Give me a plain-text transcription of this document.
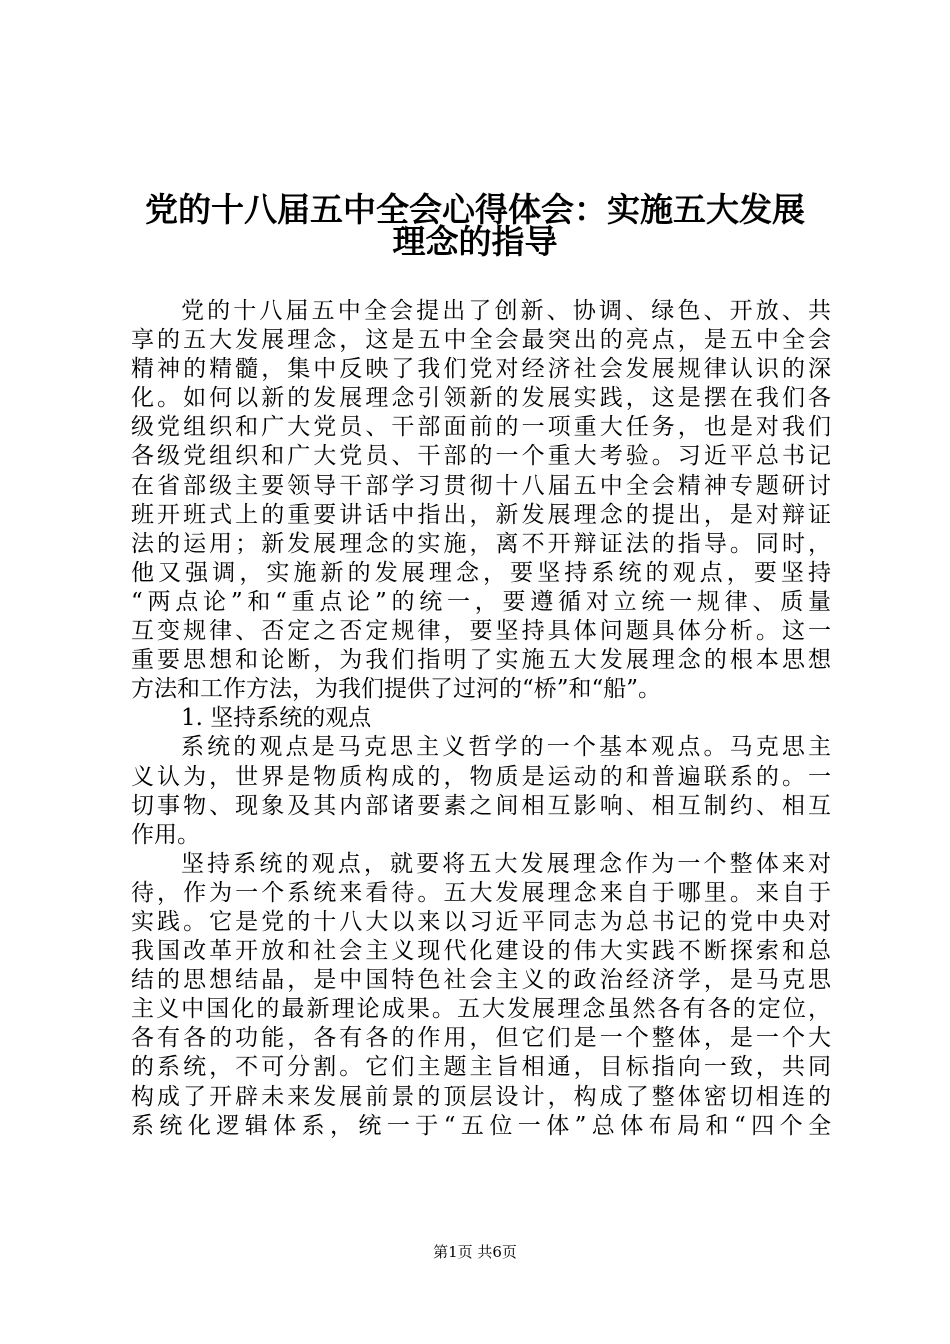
党的十八届五中全会心得体会：实施五大发展
理念的指导
党的十八届五中全会提出了创新、协调、绿色、开放、共
享的五大发展理念，这是五中全会最突出的亮点，是五中全会
精神的精髓，集中反映了我们党对经济社会发展规律认识的深
化。如何以新的发展理念引领新的发展实践，这是摆在我们各
级党组织和广大党员、干部面前的一项重大任务，也是对我们
各级党组织和广大党员、干部的一个重大考验。习近平总书记
在省部级主要领导干部学习贯彻十八届五中全会精神专题研讨
班开班式上的重要讲话中指出，新发展理念的提出，是对辩证
法的运用；新发展理念的实施，离不开辩证法的指导。同时，
他又强调，实施新的发展理念，要坚持系统的观点，要坚持
“两点论”和“重点论”的统一，要遵循对立统一规律、质量
互变规律、否定之否定规律，要坚持具体问题具体分析。这一
重要思想和论断，为我们指明了实施五大发展理念的根本思想
方法和工作方法，为我们提供了过河的“桥”和“船”。
1. 坚持系统的观点
系统的观点是马克思主义哲学的一个基本观点。马克思主
义认为，世界是物质构成的，物质是运动的和普遍联系的。一
切事物、现象及其内部诸要素之间相互影响、相互制约、相互
作用。
坚持系统的观点，就要将五大发展理念作为一个整体来对
待，作为一个系统来看待。五大发展理念来自于哪里。来自于
实践。它是党的十八大以来以习近平同志为总书记的党中央对
我国改革开放和社会主义现代化建设的伟大实践不断探索和总
结的思想结晶，是中国特色社会主义的政治经济学，是马克思
主义中国化的最新理论成果。五大发展理念虽然各有各的定位，
各有各的功能，各有各的作用，但它们是一个整体，是一个大
的系统，不可分割。它们主题主旨相通，目标指向一致，共同
构成了开辟未来发展前景的顶层设计，构成了整体密切相连的
系统化逻辑体系，统一于“五位一体”总体布局和“四个全
第1页 共6页
